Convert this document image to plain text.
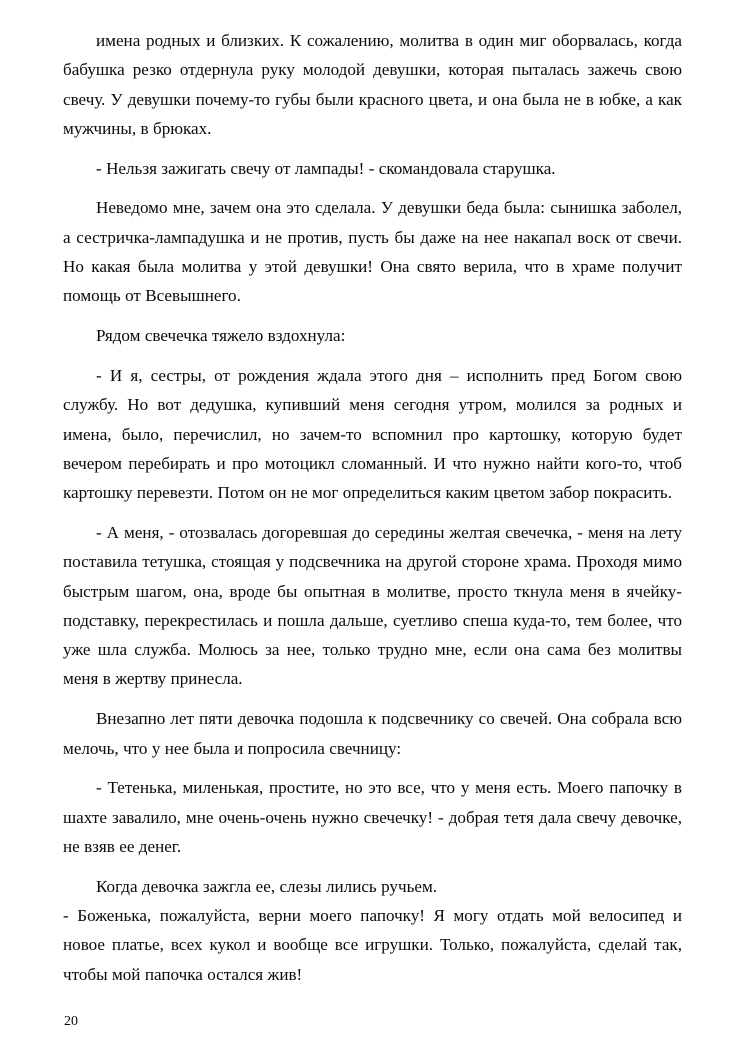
имена родных и близких. К сожалению, молитва в один миг оборвалась, когда бабушка резко отдернула руку молодой девушки, которая пыталась зажечь свою свечу. У девушки почему-то губы были красного цвета, и она была не в юбке, а как мужчины, в брюках.

- Нельзя зажигать свечу от лампады! - скомандовала старушка.

Неведомо мне, зачем она это сделала. У девушки беда была: сынишка заболел, а сестричка-лампадушка и не против, пусть бы даже на нее накапал воск от свечи. Но какая была молитва у этой девушки! Она свято верила, что в храме получит помощь от Всевышнего.

Рядом свечечка тяжело вздохнула:

- И я, сестры, от рождения ждала этого дня – исполнить пред Богом свою службу. Но вот дедушка, купивший меня сегодня утром, молился за родных и имена, было, перечислил, но зачем-то вспомнил про картошку, которую будет вечером перебирать и про мотоцикл сломанный. И что нужно найти кого-то, чтоб картошку перевезти. Потом он не мог определиться каким цветом забор покрасить.

- А меня, - отозвалась догоревшая до середины желтая свечечка, - меня на лету поставила тетушка, стоящая у подсвечника на другой стороне храма. Проходя мимо быстрым шагом, она, вроде бы опытная в молитве, просто ткнула меня в ячейку-подставку, перекрестилась и пошла дальше, суетливо спеша куда-то, тем более, что уже шла служба. Молюсь за нее, только трудно мне, если она сама без молитвы меня в жертву принесла.

Внезапно лет пяти девочка подошла к подсвечнику со свечей. Она собрала всю мелочь, что у нее была и попросила свечницу:

- Тетенька, миленькая, простите, но это все, что у меня есть. Моего папочку в шахте завалило, мне очень-очень нужно свечечку! - добрая тетя дала свечу девочке, не взяв ее денег.

Когда девочка зажгла ее, слезы лились ручьем.

- Боженька, пожалуйста, верни моего папочку! Я могу отдать мой велосипед и новое платье, всех кукол и вообще все игрушки. Только, пожалуйста, сделай так, чтобы мой папочка остался жив!

20
